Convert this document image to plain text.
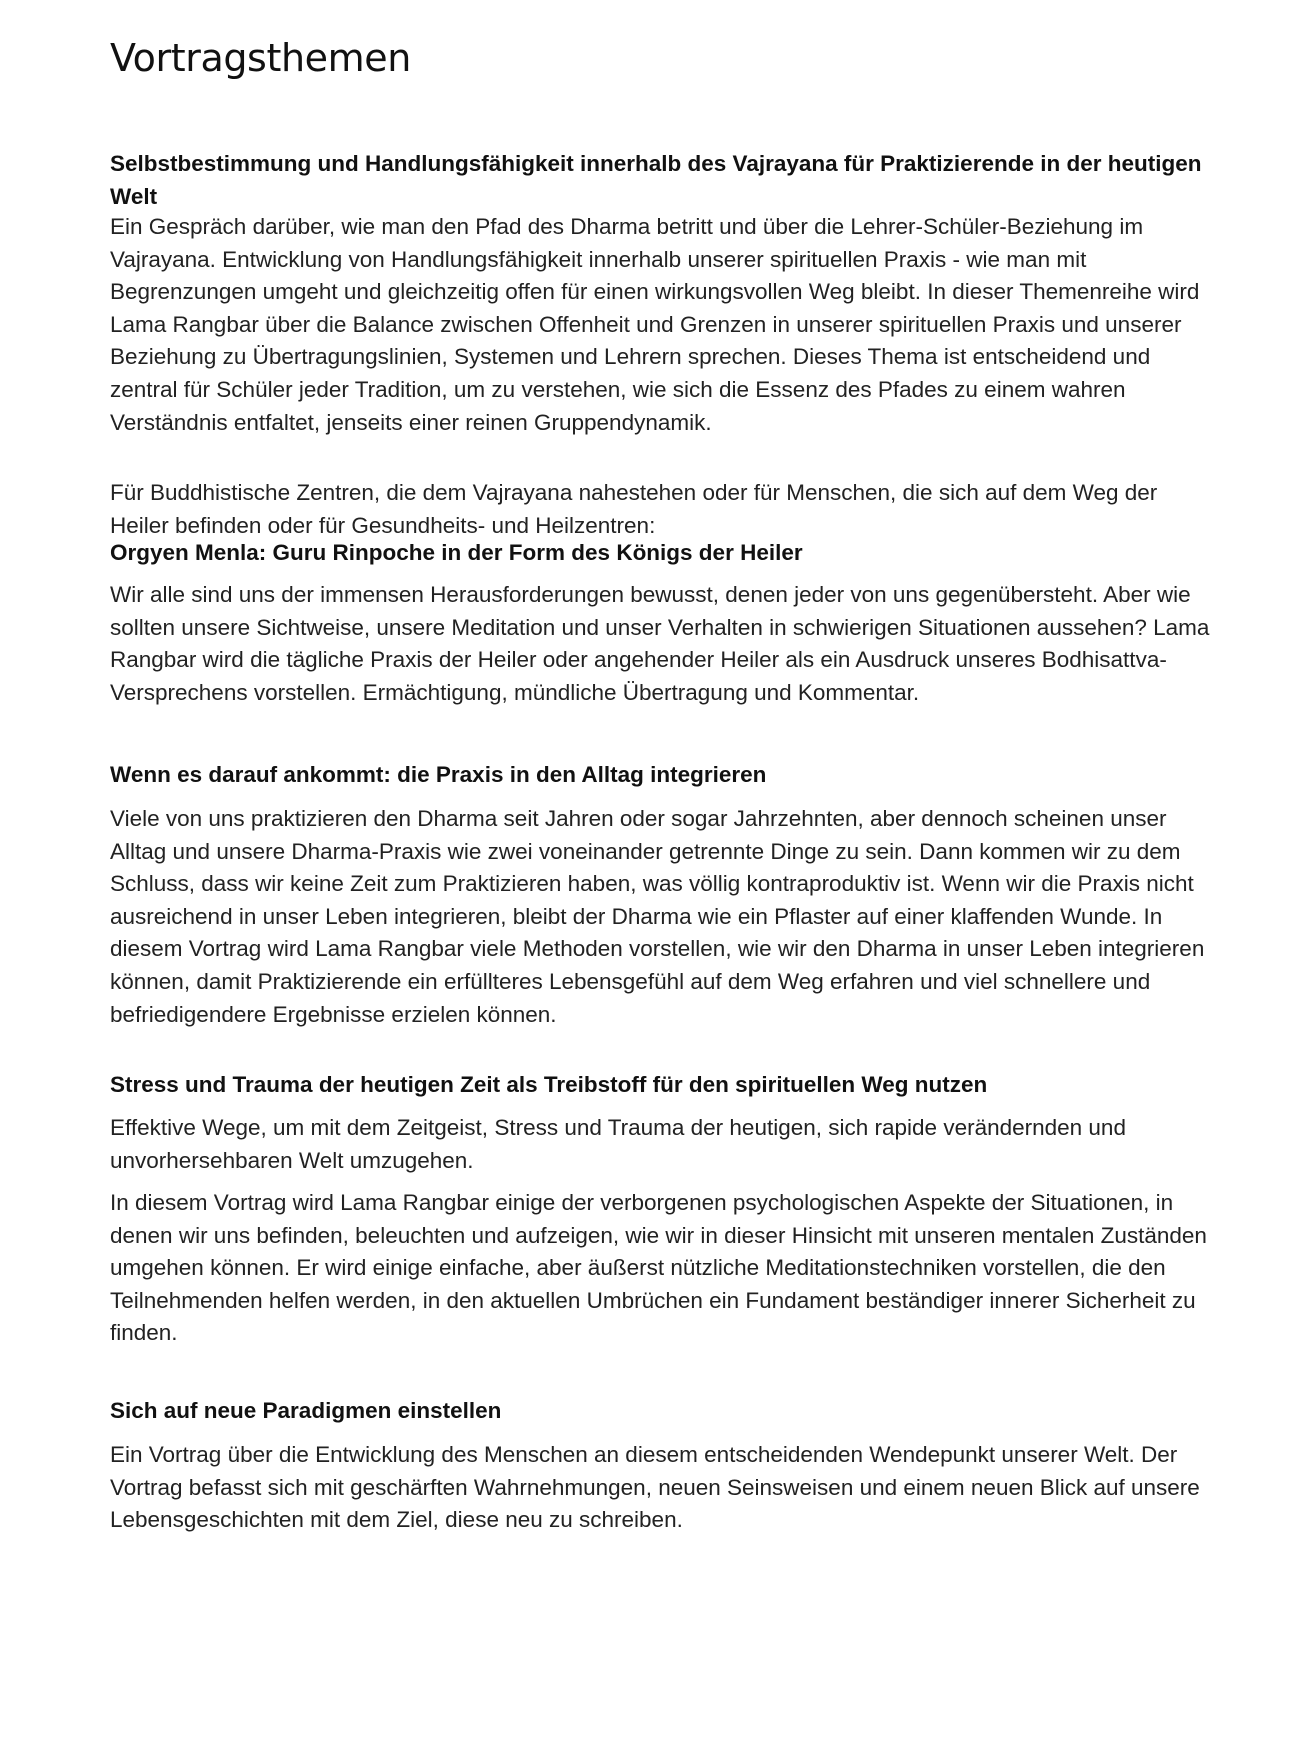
Vortragsthemen
Selbstbestimmung und Handlungsfähigkeit innerhalb des Vajrayana für Praktizierende in der heutigen Welt
Ein Gespräch darüber, wie man den Pfad des Dharma betritt und über die Lehrer-Schüler-Beziehung im Vajrayana. Entwicklung von Handlungsfähigkeit innerhalb unserer spirituellen Praxis - wie man mit Begrenzungen umgeht und gleichzeitig offen für einen wirkungsvollen Weg bleibt. In dieser Themenreihe wird Lama Rangbar über die Balance zwischen Offenheit und Grenzen in unserer spirituellen Praxis und unserer Beziehung zu Übertragungslinien, Systemen und Lehrern sprechen. Dieses Thema ist entscheidend und zentral für Schüler jeder Tradition, um zu verstehen, wie sich die Essenz des Pfades zu einem wahren Verständnis entfaltet, jenseits einer reinen Gruppendynamik.
Für Buddhistische Zentren, die dem Vajrayana nahestehen oder für Menschen, die sich auf dem Weg der Heiler befinden oder für Gesundheits- und Heilzentren:
Orgyen Menla: Guru Rinpoche in der Form des Königs der Heiler
Wir alle sind uns der immensen Herausforderungen bewusst, denen jeder von uns gegenübersteht. Aber wie sollten unsere Sichtweise, unsere Meditation und unser Verhalten in schwierigen Situationen aussehen? Lama Rangbar wird die tägliche Praxis der Heiler oder angehender Heiler als ein Ausdruck unseres Bodhisattva-Versprechens vorstellen. Ermächtigung, mündliche Übertragung und Kommentar.
Wenn es darauf ankommt: die Praxis in den Alltag integrieren
Viele von uns praktizieren den Dharma seit Jahren oder sogar Jahrzehnten, aber dennoch scheinen unser Alltag und unsere Dharma-Praxis wie zwei voneinander getrennte Dinge zu sein. Dann kommen wir zu dem Schluss, dass wir keine Zeit zum Praktizieren haben, was völlig kontraproduktiv ist. Wenn wir die Praxis nicht ausreichend in unser Leben integrieren, bleibt der Dharma wie ein Pflaster auf einer klaffenden Wunde. In diesem Vortrag wird Lama Rangbar viele Methoden vorstellen, wie wir den Dharma in unser Leben integrieren können, damit Praktizierende ein erfüllteres Lebensgefühl auf dem Weg erfahren und viel schnellere und befriedigendere Ergebnisse erzielen können.
Stress und Trauma der heutigen Zeit als Treibstoff für den spirituellen Weg nutzen
Effektive Wege, um mit dem Zeitgeist, Stress und Trauma der heutigen, sich rapide verändernden und unvorhersehbaren Welt umzugehen.
In diesem Vortrag wird Lama Rangbar einige der verborgenen psychologischen Aspekte der Situationen, in denen wir uns befinden, beleuchten und aufzeigen, wie wir in dieser Hinsicht mit unseren mentalen Zuständen umgehen können. Er wird einige einfache, aber äußerst nützliche Meditationstechniken vorstellen, die den Teilnehmenden helfen werden, in den aktuellen Umbrüchen ein Fundament beständiger innerer Sicherheit zu finden.
Sich auf neue Paradigmen einstellen
Ein Vortrag über die Entwicklung des Menschen an diesem entscheidenden Wendepunkt unserer Welt. Der Vortrag befasst sich mit geschärften Wahrnehmungen, neuen Seinsweisen und einem neuen Blick auf unsere Lebensgeschichten mit dem Ziel, diese neu zu schreiben.
